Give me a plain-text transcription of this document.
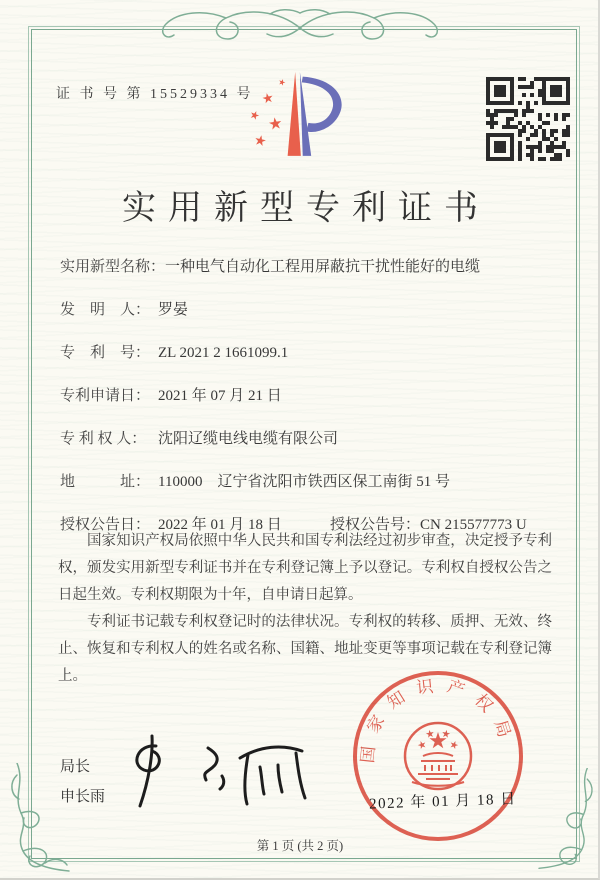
证 书 号 第 15529334 号
实用新型专利证书
实用新型名称：一种电气自动化工程用屏蔽抗干扰性能好的电缆
发　明　人： 罗晏
专　利　号： ZL 2021 2 1661099.1
专利申请日： 2021 年 07 月 21 日
专 利 权 人： 沈阳辽缆电线电缆有限公司
地　　　址： 110000　辽宁省沈阳市铁西区保工南街 51 号
授权公告日： 2022 年 01 月 18 日	授权公告号：CN 215577773 U

国家知识产权局依照中华人民共和国专利法经过初步审查，决定授予专利权，颁发实用新型专利证书并在专利登记簿上予以登记。专利权自授权公告之日起生效。专利权期限为十年，自申请日起算。

专利证书记载专利权登记时的法律状况。专利权的转移、质押、无效、终止、恢复和专利权人的姓名或名称、国籍、地址变更等事项记载在专利登记簿上。

局长
申长雨
国家知识产权局
2022 年 01 月 18 日
第 1 页 (共 2 页)
